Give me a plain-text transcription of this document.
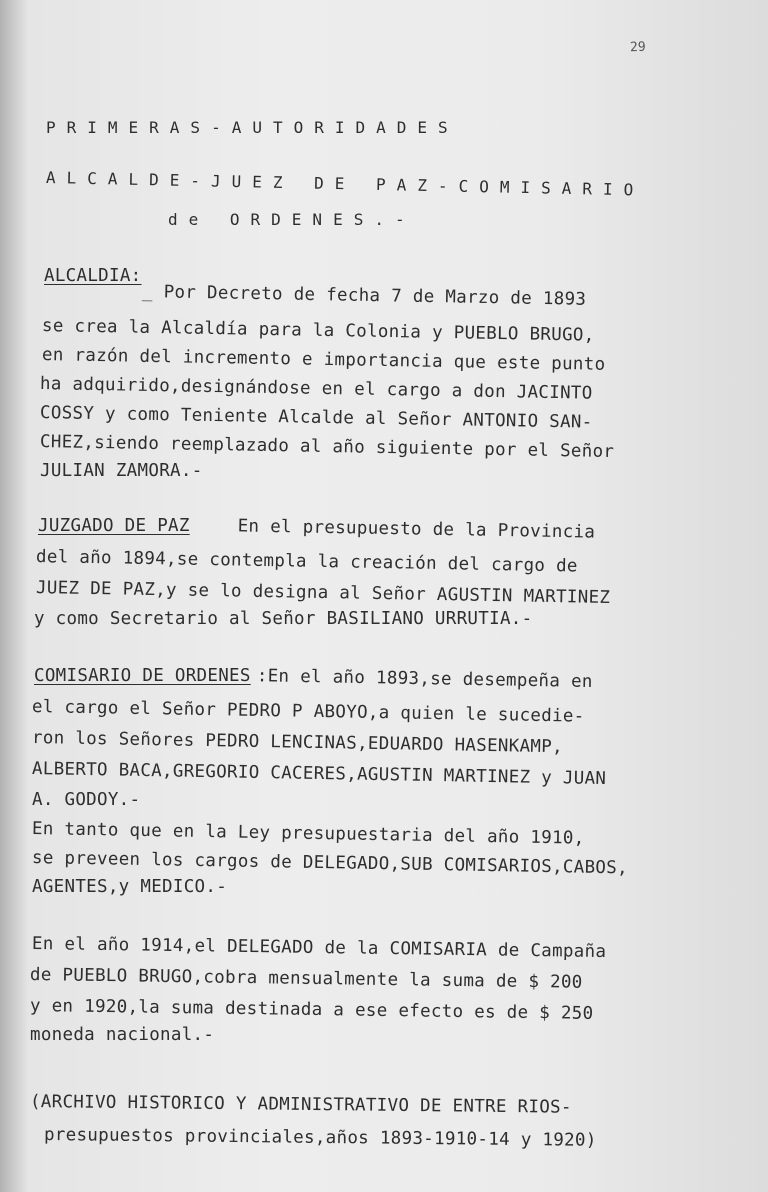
29
PRIMERAS-AUTORIDADES
ALCALDE-JUEZ DE PAZ-COMISARIO
de ORDENES.-
ALCALDIA:
_ Por Decreto de fecha 7 de Marzo de 1893
se crea la Alcaldía para la Colonia y PUEBLO BRUGO,
en razón del incremento e importancia que este punto
ha adquirido,designándose en el cargo a don JACINTO
COSSY y como Teniente Alcalde al Señor ANTONIO SAN-
CHEZ,siendo reemplazado al año siguiente por el Señor
JULIAN ZAMORA.-
JUZGADO DE PAZ En el presupuesto de la Provincia
del año 1894,se contempla la creación del cargo de
JUEZ DE PAZ,y se lo designa al Señor AGUSTIN MARTINEZ
y como Secretario al Señor BASILIANO URRUTIA.-
COMISARIO DE ORDENES
:En el año 1893,se desempeña en
el cargo el Señor PEDRO P ABOYO,a quien le sucedie-
ron los Señores PEDRO LENCINAS,EDUARDO HASENKAMP,
ALBERTO BACA,GREGORIO CACERES,AGUSTIN MARTINEZ y JUAN
A. GODOY.-
En tanto que en la Ley presupuestaria del año 1910,
se preveen los cargos de DELEGADO,SUB COMISARIOS,CABOS,
AGENTES,y MEDICO.-
En el año 1914,el DELEGADO de la COMISARIA de Campaña
de PUEBLO BRUGO,cobra mensualmente la suma de $ 200
y en 1920,la suma destinada a ese efecto es de $ 250
moneda nacional.-
(ARCHIVO HISTORICO Y ADMINISTRATIVO DE ENTRE RIOS-
presupuestos provinciales,años 1893-1910-14 y 1920)
